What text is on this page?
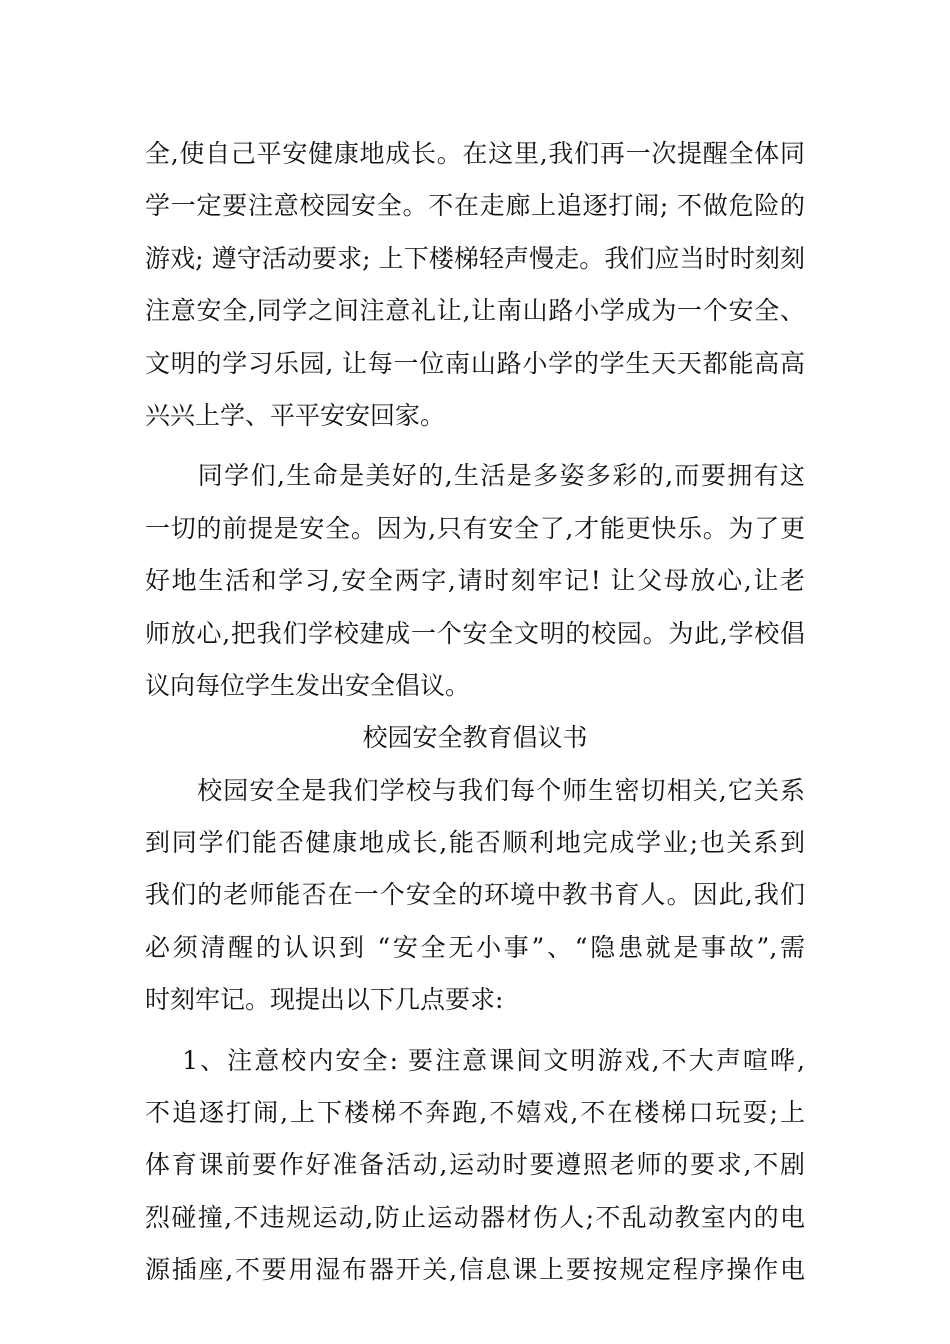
全,使自己平安健康地成长。在这里,我们再一次提醒全体同
学一定要注意校园安全。不在走廊上追逐打闹; 不做危险的
游戏; 遵守活动要求; 上下楼梯轻声慢走。我们应当时时刻刻
注意安全,同学之间注意礼让,让南山路小学成为一个安全、
文明的学习乐园, 让每一位南山路小学的学生天天都能高高
兴兴上学、平平安安回家。
　　同学们,生命是美好的,生活是多姿多彩的,而要拥有这
一切的前提是安全。因为,只有安全了,才能更快乐。为了更
好地生活和学习,安全两字,请时刻牢记! 让父母放心,让老
师放心,把我们学校建成一个安全文明的校园。为此,学校倡
议向每位学生发出安全倡议。
校园安全教育倡议书
　　校园安全是我们学校与我们每个师生密切相关,它关系
到同学们能否健康地成长,能否顺利地完成学业;也关系到
我们的老师能否在一个安全的环境中教书育人。因此,我们
必须清醒的认识到 “安全无小事”、“隐患就是事故”,需
时刻牢记。现提出以下几点要求:
　 1、注意校内安全: 要注意课间文明游戏,不大声喧哗,
不追逐打闹,上下楼梯不奔跑,不嬉戏,不在楼梯口玩耍;上
体育课前要作好准备活动,运动时要遵照老师的要求,不剧
烈碰撞,不违规运动,防止运动器材伤人;不乱动教室内的电
源插座,不要用湿布器开关,信息课上要按规定程序操作电
